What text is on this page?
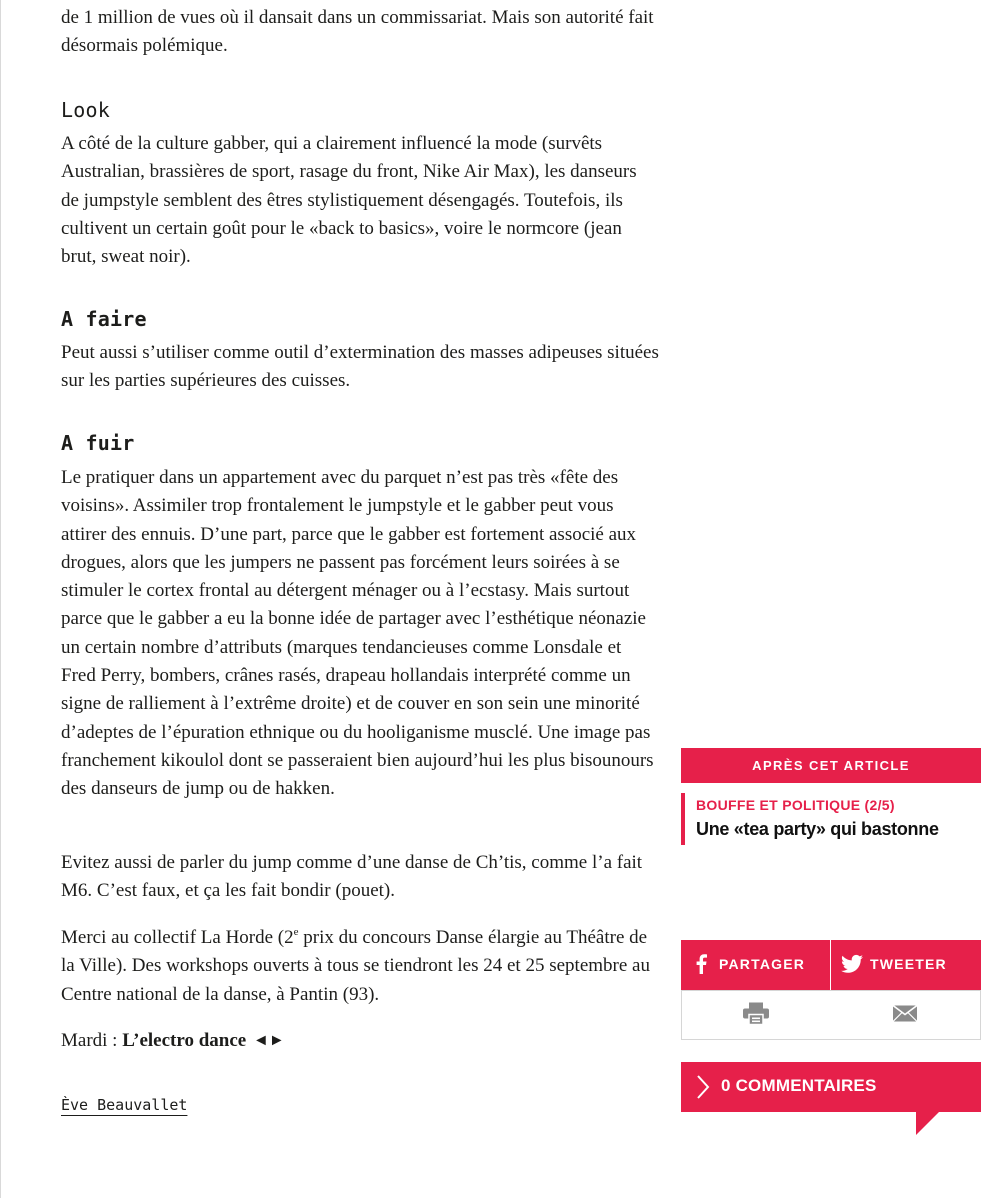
de 1 million de vues où il dansait dans un commissariat. Mais son autorité fait désormais polémique.

Look

A côté de la culture gabber, qui a clairement influencé la mode (survêts Australian, brassières de sport, rasage du front, Nike Air Max), les danseurs de jumpstyle semblent des êtres stylistiquement désengagés. Toutefois, ils cultivent un certain goût pour le «back to basics», voire le normcore (jean brut, sweat noir).

A faire

Peut aussi s’utiliser comme outil d’extermination des masses adipeuses situées sur les parties supérieures des cuisses.

A fuir

Le pratiquer dans un appartement avec du parquet n’est pas très «fête des voisins». Assimiler trop frontalement le jumpstyle et le gabber peut vous attirer des ennuis. D’une part, parce que le gabber est fortement associé aux drogues, alors que les jumpers ne passent pas forcément leurs soirées à se stimuler le cortex frontal au détergent ménager ou à l’ecstasy. Mais surtout parce que le gabber a eu la bonne idée de partager avec l’esthétique néonazie un certain nombre d’attributs (marques tendancieuses comme Lonsdale et Fred Perry, bombers, crânes rasés, drapeau hollandais interprété comme un signe de ralliement à l’extrême droite) et de couver en son sein une minorité d’adeptes de l’épuration ethnique ou du hooliganisme musclé. Une image pas franchement kikoulol dont se passeraient bien aujourd’hui les plus bisounours des danseurs de jump ou de hakken.

Evitez aussi de parler du jump comme d’une danse de Ch’tis, comme l’a fait M6. C’est faux, et ça les fait bondir (pouet).

Merci au collectif La Horde (2e prix du concours Danse élargie au Théâtre de la Ville). Des workshops ouverts à tous se tiendront les 24 et 25 septembre au Centre national de la danse, à Pantin (93).

Mardi : L’electro dance ◄►

Ève Beauvallet
APRÈS CET ARTICLE
BOUFFE ET POLITIQUE (2/5)
Une «tea party» qui bastonne
PARTAGER	TWEETER
0 COMMENTAIRES
